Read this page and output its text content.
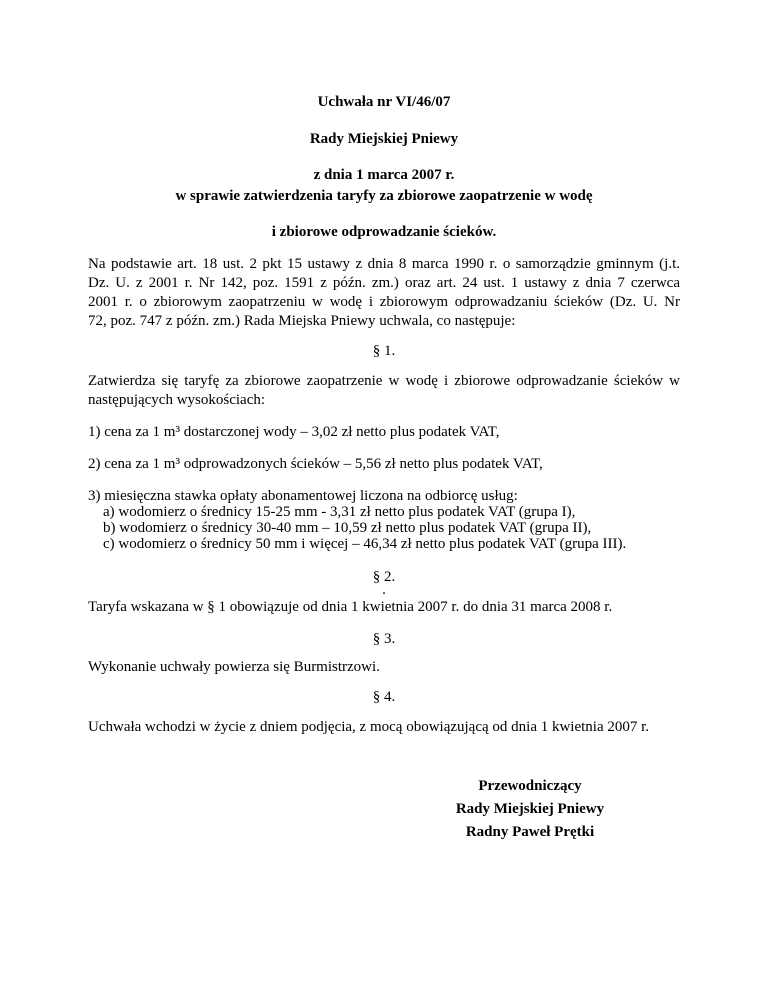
Uchwała nr VI/46/07

Rady Miejskiej Pniewy

z dnia 1 marca 2007 r.

w sprawie zatwierdzenia taryfy za zbiorowe zaopatrzenie w wodę

i zbiorowe odprowadzanie ścieków.

Na podstawie art. 18 ust. 2 pkt 15 ustawy z dnia 8 marca 1990 r. o samorządzie gminnym (j.t.
Dz. U. z 2001 r. Nr 142, poz. 1591 z późn. zm.) oraz art. 24 ust. 1 ustawy z dnia 7 czerwca
2001 r. o zbiorowym zaopatrzeniu w wodę i zbiorowym odprowadzaniu ścieków (Dz. U. Nr
72, poz. 747 z późn. zm.) Rada Miejska Pniewy uchwala, co następuje:

§ 1.

Zatwierdza się taryfę za zbiorowe zaopatrzenie w wodę i zbiorowe odprowadzanie ścieków w
następujących wysokościach:

1) cena za 1 m³ dostarczonej wody – 3,02 zł netto plus podatek VAT,

2) cena za 1 m³ odprowadzonych ścieków – 5,56 zł netto plus podatek VAT,

3) miesięczna stawka opłaty abonamentowej liczona na odbiorcę usług:

a) wodomierz o średnicy 15-25 mm - 3,31 zł netto plus podatek VAT (grupa I),

b) wodomierz o średnicy 30-40 mm – 10,59 zł netto plus podatek VAT (grupa II),

c) wodomierz o średnicy 50 mm i więcej – 46,34 zł netto plus podatek VAT (grupa III).

§ 2.

.

Taryfa wskazana w § 1 obowiązuje od dnia 1 kwietnia 2007 r. do dnia 31 marca 2008 r.

§ 3.

Wykonanie uchwały powierza się Burmistrzowi.

§ 4.

Uchwała wchodzi w życie z dniem podjęcia, z mocą obowiązującą od dnia 1 kwietnia 2007 r.

Przewodniczący

Rady Miejskiej Pniewy

Radny Paweł Prętki
